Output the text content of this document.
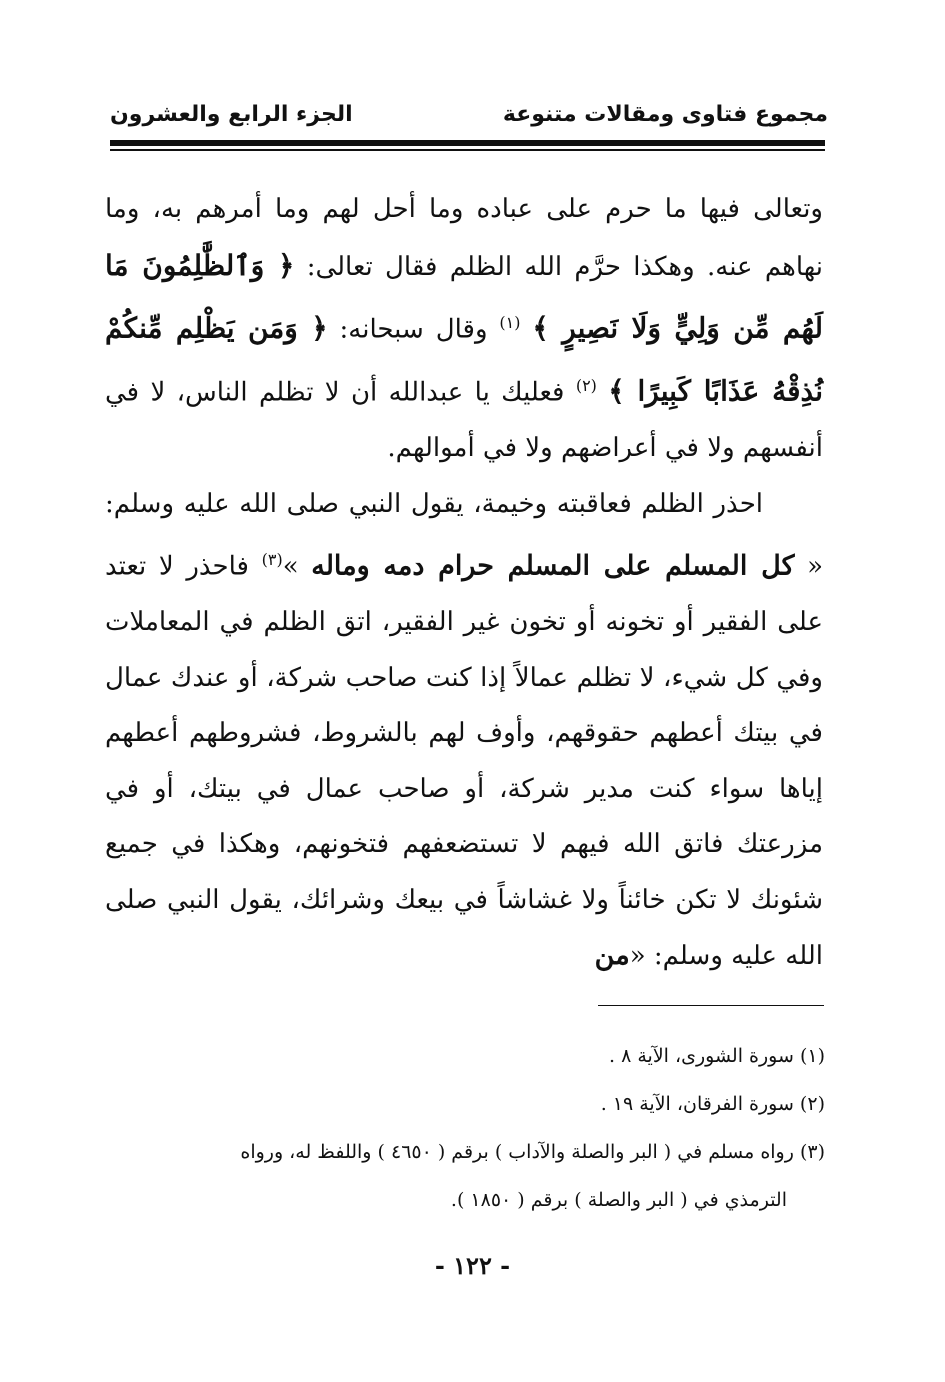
مجموع فتاوى ومقالات متنوعة
الجزء الرابع والعشرون

وتعالى فيها ما حرم على عباده وما أحل لهم وما أمرهم به، وما نهاهم عنه. وهكذا حرَّم الله الظلم فقال تعالى: ﴿ وَٱلظَّٰلِمُونَ مَا لَهُم مِّن وَلِيٍّ وَلَا نَصِيرٍ ﴾ $^{(١)}$ وقال سبحانه: ﴿ وَمَن يَظْلِم مِّنكُمْ نُذِقْهُ عَذَابًا كَبِيرًا ﴾ $^{(٢)}$ فعليك يا عبدالله أن لا تظلم الناس، لا في أنفسهم ولا في أعراضهم ولا في أموالهم.

احذر الظلم فعاقبته وخيمة، يقول النبي صلى الله عليه وسلم: « كل المسلم على المسلم حرام دمه وماله »$^{(٣)}$ فاحذر لا تعتد على الفقير أو تخونه أو تخون غير الفقير، اتق الظلم في المعاملات وفي كل شيء، لا تظلم عمالاً إذا كنت صاحب شركة، أو عندك عمال في بيتك أعطهم حقوقهم، وأوف لهم بالشروط، فشروطهم أعطهم إياها سواء كنت مدير شركة، أو صاحب عمال في بيتك، أو في مزرعتك فاتق الله فيهم لا تستضعفهم فتخونهم، وهكذا في جميع شئونك لا تكن خائناً ولا غشاشاً في بيعك وشرائك، يقول النبي صلى الله عليه وسلم: «من

(١) سورة الشورى، الآية ٨ .

(٢) سورة الفرقان، الآية ١٩ .

(٣) رواه مسلم في ( البر والصلة والآداب ) برقم ( ٤٦٥٠ ) واللفظ له، ورواه

الترمذي في ( البر والصلة ) برقم ( ١٨٥٠ ).

- ١٢٢ -
